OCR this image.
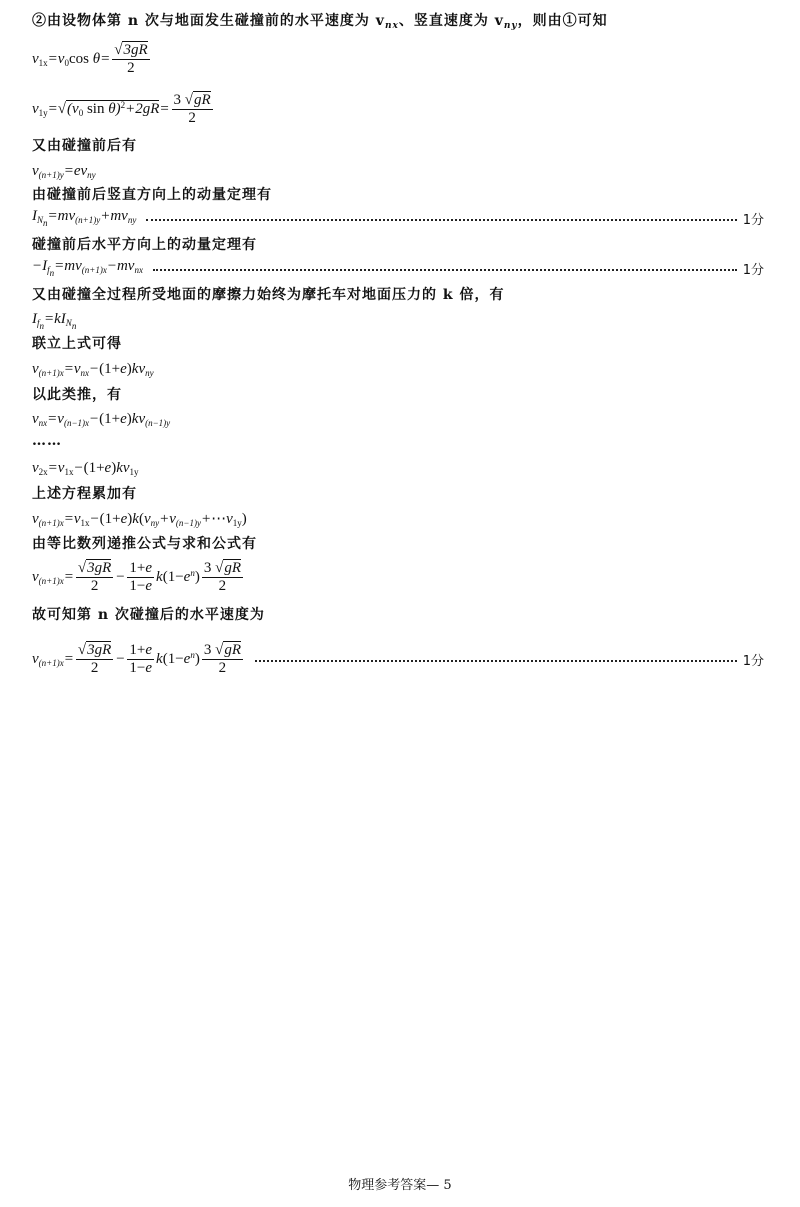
②由设物体第 n 次与地面发生碰撞前的水平速度为 $v_{nx}$、竖直速度为 $v_{ny}$，则由①可知
$v_{1x}=v_0\cos$ $\theta= \frac{√3gR}{2}$
$v_{1y}=√(v_0$ $\sin \theta)^2+2gR= \frac{3 √gR}{2}$
又由碰撞前后有
$v_{(n+1)y}=ev_{ny}$
由碰撞前后竖直方向上的动量定理有
$I_{N_n}=mv_{(n+1)y}+mv_{ny}$	1分
碰撞前后水平方向上的动量定理有
$-I_{f_n}=mv_{(n+1)x}-mv_{nx}$	1分
又由碰撞全过程所受地面的摩擦力始终为摩托车对地面压力的 k 倍，有
$I_{f_n}=kI_{N_n}$
联立上式可得
$v_{(n+1)x}=v_{nx}-(1+e)kv_{ny}$
以此类推，有
$v_{nx}=v_{(n-1)x}-(1+e)kv_{(n-1)y}$
……
$v_{2x}=v_{1x}-(1+e)kv_{1y}$
上述方程累加有
$v_{(n+1)x}=v_{1x}-(1+e)k(v_{ny}+v_{(n-1)y}+\cdots v_{1y})$
由等比数列递推公式与求和公式有
$v_{(n+1)x}= \frac{√3gR}{2} - \frac{1+e}{1-e} k(1-e^n) \frac{3 √gR}{2}$
故可知第 n 次碰撞后的水平速度为
$v_{(n+1)x}= \frac{√3gR}{2} - \frac{1+e}{1-e} k(1-e^n) \frac{3 √gR}{2}$	1分
物理参考答案— 5
